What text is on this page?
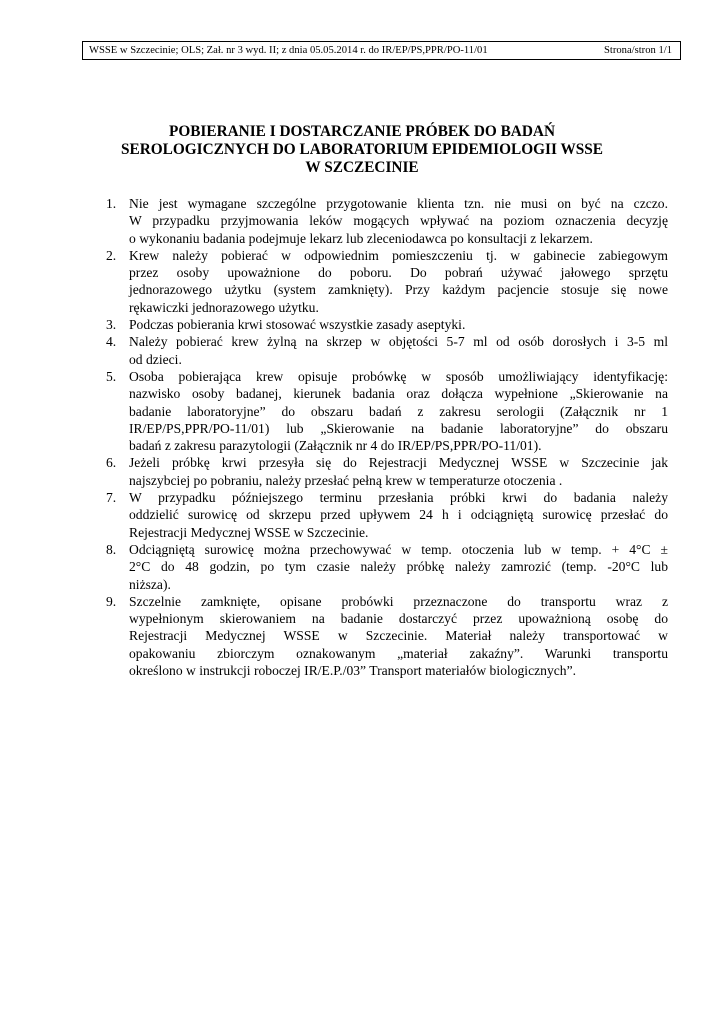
WSSE w Szczecinie; OLS; Zał. nr 3 wyd. II; z dnia 05.05.2014 r. do IR/EP/PS,PPR/PO-11/01	Strona/stron 1/1
POBIERANIE I DOSTARCZANIE PRÓBEK DO BADAŃ
SEROLOGICZNYCH DO LABORATORIUM EPIDEMIOLOGII WSSE
W SZCZECINIE
1. Nie jest wymagane szczególne przygotowanie klienta tzn. nie musi on być na czczo.
W przypadku przyjmowania leków mogących wpływać na poziom oznaczenia decyzję
o wykonaniu badania podejmuje lekarz lub zleceniodawca po konsultacji z lekarzem.
2. Krew należy pobierać w odpowiednim pomieszczeniu tj. w gabinecie zabiegowym
przez osoby upoważnione do poboru. Do pobrań używać jałowego sprzętu
jednorazowego użytku (system zamknięty). Przy każdym pacjencie stosuje się nowe
rękawiczki jednorazowego użytku.
3. Podczas pobierania krwi stosować wszystkie zasady aseptyki.
4. Należy pobierać krew żylną na skrzep w objętości 5-7 ml od osób dorosłych i 3-5 ml
od dzieci.
5. Osoba pobierająca krew opisuje probówkę w sposób umożliwiający identyfikację:
nazwisko osoby badanej, kierunek badania oraz dołącza wypełnione „Skierowanie na
badanie laboratoryjne” do obszaru badań z zakresu serologii (Załącznik nr 1
IR/EP/PS,PPR/PO-11/01) lub „Skierowanie na badanie laboratoryjne” do obszaru
badań z zakresu parazytologii (Załącznik nr 4 do IR/EP/PS,PPR/PO-11/01).
6. Jeżeli próbkę krwi przesyła się do Rejestracji Medycznej WSSE w Szczecinie jak
najszybciej po pobraniu, należy przesłać pełną krew w temperaturze otoczenia .
7. W przypadku późniejszego terminu przesłania próbki krwi do badania należy
oddzielić surowicę od skrzepu przed upływem 24 h i odciągniętą surowicę przesłać do
Rejestracji Medycznej WSSE w Szczecinie.
8. Odciągniętą surowicę można przechowywać w temp. otoczenia lub w temp. + 4°C ±
2°C do 48 godzin, po tym czasie należy próbkę należy zamrozić (temp. -20°C lub
niższa).
9. Szczelnie zamknięte, opisane probówki przeznaczone do transportu wraz z
wypełnionym skierowaniem na badanie dostarczyć przez upoważnioną osobę do
Rejestracji Medycznej WSSE w Szczecinie. Materiał należy transportować w
opakowaniu zbiorczym oznakowanym „materiał zakaźny”. Warunki transportu
określono w instrukcji roboczej IR/E.P./03” Transport materiałów biologicznych”.
